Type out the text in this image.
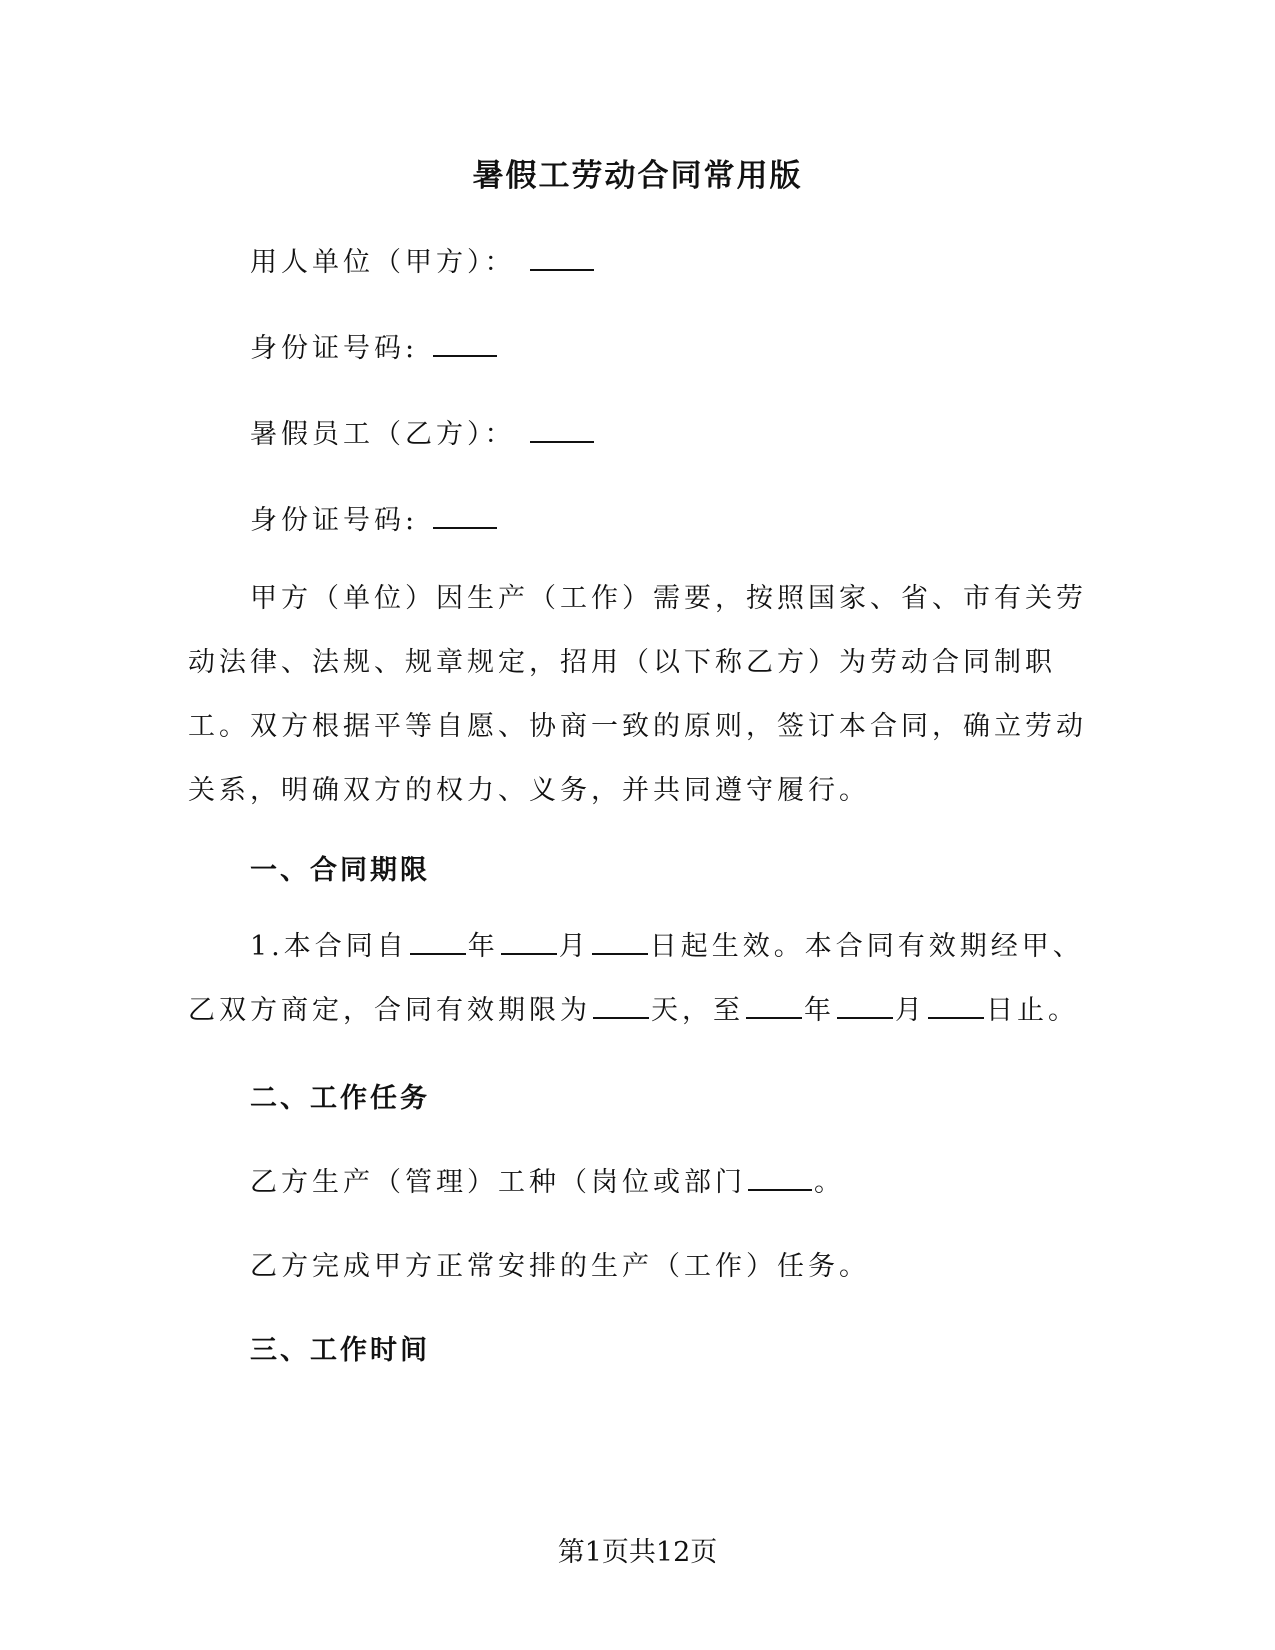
暑假工劳动合同常用版
用人单位（甲方）：
身份证号码:
暑假员工（乙方）：
身份证号码:
甲方（单位）因生产（工作）需要，按照国家、省、市有关劳动法律、法规、规章规定，招用（以下称乙方）为劳动合同制职工。双方根据平等自愿、协商一致的原则，签订本合同，确立劳动关系，明确双方的权力、义务，并共同遵守履行。
一、合同期限
1.本合同自 年 月 日起生效。本合同有效期经甲、乙双方商定，合同有效期限为 天，至 年 月 日止。
二、工作任务
乙方生产（管理）工种（岗位或部门	。
乙方完成甲方正常安排的生产（工作）任务。
三、工作时间
第1页共12页
